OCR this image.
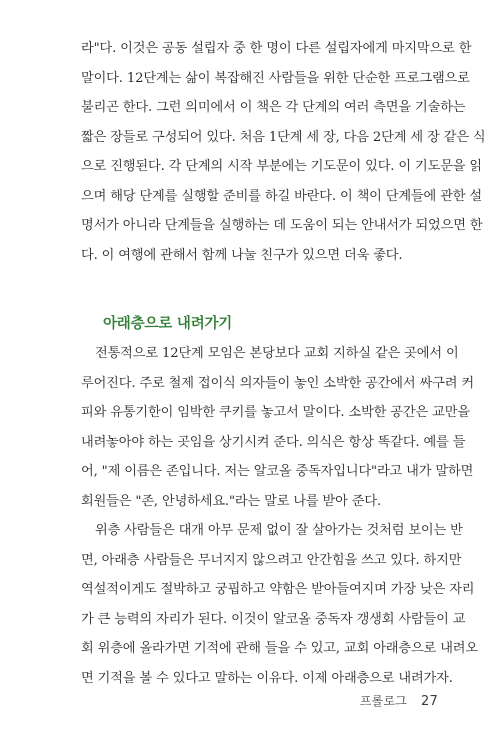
라"다. 이것은 공동 설립자 중 한 명이 다른 설립자에게 마지막으로 한
말이다. 12단계는 삶이 복잡해진 사람들을 위한 단순한 프로그램으로
불리곤 한다. 그런 의미에서 이 책은 각 단계의 여러 측면을 기술하는
짧은 장들로 구성되어 있다. 처음 1단계 세 장, 다음 2단계 세 장 같은 식
으로 진행된다. 각 단계의 시작 부분에는 기도문이 있다. 이 기도문을 읽
으며 해당 단계를 실행할 준비를 하길 바란다. 이 책이 단계들에 관한 설
명서가 아니라 단계들을 실행하는 데 도움이 되는 안내서가 되었으면 한
다. 이 여행에 관해서 함께 나눌 친구가 있으면 더욱 좋다.
아래층으로 내려가기
전통적으로 12단계 모임은 본당보다 교회 지하실 같은 곳에서 이
루어진다. 주로 철제 접이식 의자들이 놓인 소박한 공간에서 싸구려 커
피와 유통기한이 임박한 쿠키를 놓고서 말이다. 소박한 공간은 교만을
내려놓아야 하는 곳임을 상기시켜 준다. 의식은 항상 똑같다. 예를 들
어, "제 이름은 존입니다. 저는 알코올 중독자입니다"라고 내가 말하면
회원들은 "존, 안녕하세요."라는 말로 나를 받아 준다.
위층 사람들은 대개 아무 문제 없이 잘 살아가는 것처럼 보이는 반
면, 아래층 사람들은 무너지지 않으려고 안간힘을 쓰고 있다. 하지만
역설적이게도 절박하고 궁핍하고 약함은 받아들여지며 가장 낮은 자리
가 큰 능력의 자리가 된다. 이것이 알코올 중독자 갱생회 사람들이 교
회 위층에 올라가면 기적에 관해 들을 수 있고, 교회 아래층으로 내려오
면 기적을 볼 수 있다고 말하는 이유다. 이제 아래층으로 내려가자.
프롤로그 27
